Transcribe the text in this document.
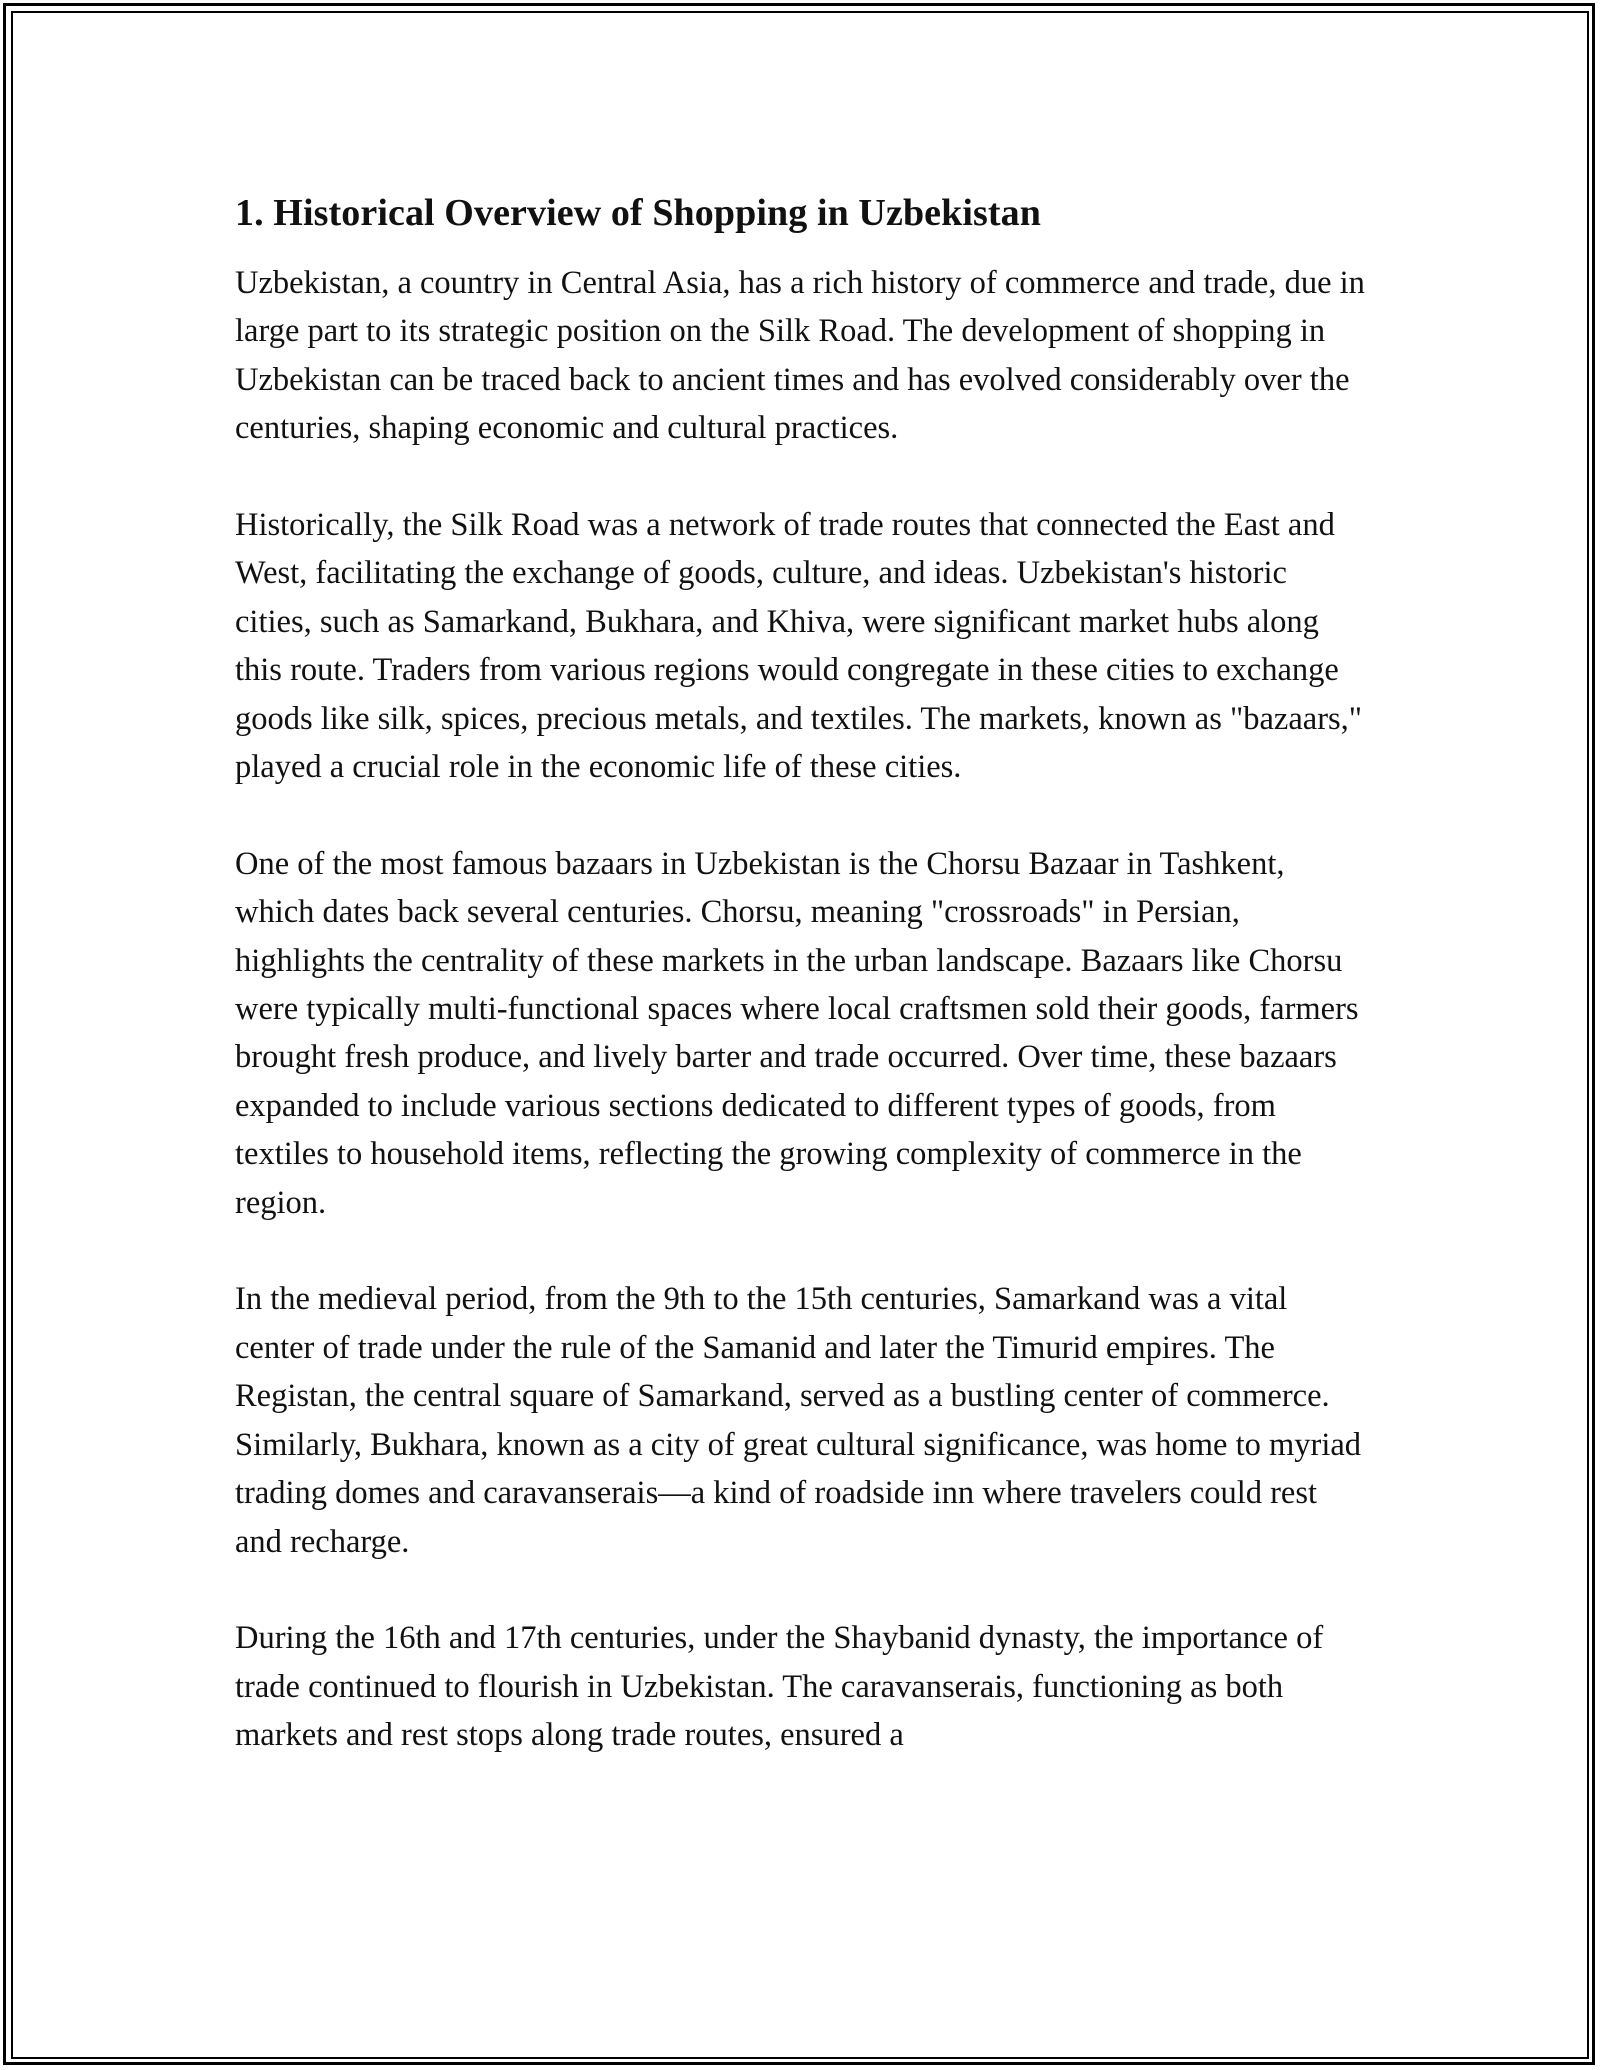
1. Historical Overview of Shopping in Uzbekistan

Uzbekistan, a country in Central Asia, has a rich history of commerce and trade, due in large part to its strategic position on the Silk Road. The development of shopping in Uzbekistan can be traced back to ancient times and has evolved considerably over the centuries, shaping economic and cultural practices.

Historically, the Silk Road was a network of trade routes that connected the East and West, facilitating the exchange of goods, culture, and ideas. Uzbekistan's historic cities, such as Samarkand, Bukhara, and Khiva, were significant market hubs along this route. Traders from various regions would congregate in these cities to exchange goods like silk, spices, precious metals, and textiles. The markets, known as "bazaars," played a crucial role in the economic life of these cities.

One of the most famous bazaars in Uzbekistan is the Chorsu Bazaar in Tashkent, which dates back several centuries. Chorsu, meaning "crossroads" in Persian, highlights the centrality of these markets in the urban landscape. Bazaars like Chorsu were typically multi-functional spaces where local craftsmen sold their goods, farmers brought fresh produce, and lively barter and trade occurred. Over time, these bazaars expanded to include various sections dedicated to different types of goods, from textiles to household items, reflecting the growing complexity of commerce in the region.

In the medieval period, from the 9th to the 15th centuries, Samarkand was a vital center of trade under the rule of the Samanid and later the Timurid empires. The Registan, the central square of Samarkand, served as a bustling center of commerce. Similarly, Bukhara, known as a city of great cultural significance, was home to myriad trading domes and caravanserais—a kind of roadside inn where travelers could rest and recharge.

During the 16th and 17th centuries, under the Shaybanid dynasty, the importance of trade continued to flourish in Uzbekistan. The caravanserais, functioning as both markets and rest stops along trade routes, ensured a
